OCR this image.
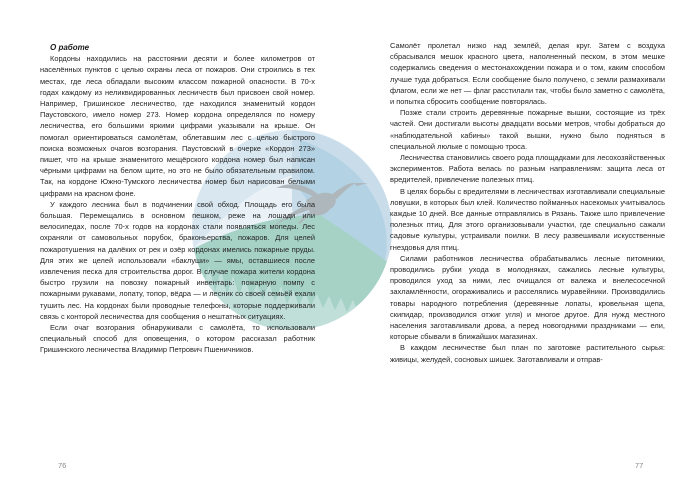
О работе

Кордоны находились на расстоянии десяти и более километров от населённых пунктов с целью охраны леса от пожаров. Они строились в тех местах, где леса обладали высоким классом пожарной опасности. В 70-х годах каждому из неликвидированных лесничеств был присвоен свой номер. Например, Гришинское лесничество, где находился знаменитый кордон Паустовского, имело номер 273. Номер кордона определялся по номеру лесничества, его большими яркими цифрами указывали на крыше. Он помогал ориентироваться самолётам, облетавшим лес с целью быстрого поиска возможных очагов возгорания. Паустовский в очерке «Кордон 273» пишет, что на крыше знаменитого мещёрского кордона номер был написан чёрными цифрами на белом щите, но это не было обязательным правилом. Так, на кордоне Южно-Тумского лесничества номер был нарисован белыми цифрами на красном фоне.

У каждого лесника был в подчинении свой обход. Площадь его была большая. Перемещались в основном пешком, реже на лошади или велосипедах, после 70-х годов на кордонах стали появляться мопеды. Лес охраняли от самовольных порубок, браконьерства, пожаров. Для целей пожаротушения на далёких от рек и озёр кордонах имелись пожарные пруды. Для этих же целей использовали «баклуши» — ямы, оставшиеся после извлечения песка для строительства дорог. В случае пожара жители кордона быстро грузили на повозку пожарный инвентарь: пожарную помпу с пожарными рукавами, лопату, топор, вёдра — и лесник со своей семьёй ехали тушить лес. На кордонах были проводные телефоны, которые поддерживали связь с конторой лесничества для сообщения о нештатных ситуациях.

Если очаг возгорания обнаруживали с самолёта, то использовали специальный способ для оповещения, о котором рассказал работник Гришинского лесничества Владимир Петрович Пшеничников.

Самолёт пролетал низко над землёй, делая круг. Затем с воздуха сбрасывался мешок красного цвета, наполненный песком, в этом мешке содержались сведения о местонахождении пожара и о том, каким способом лучше туда добраться. Если сообщение было получено, с земли размахивали флагом, если же нет — флаг расстилали так, чтобы было заметно с самолёта, и попытка сбросить сообщение повторялась.

Позже стали строить деревянные пожарные вышки, состоящие из трёх частей. Они достигали высоты двадцати восьми метров, чтобы добраться до «наблюдательной кабины» такой вышки, нужно было подняться в специальной люльке с помощью троса.

Лесничества становились своего рода площадками для лесохозяйственных экспериментов. Работа велась по разным направлениям: защита леса от вредителей, привлечение полезных птиц.

В целях борьбы с вредителями в лесничествах изготавливали специальные ловушки, в которых был клей. Количество пойманных насекомых учитывалось каждые 10 дней. Все данные отправлялись в Рязань. Также шло привлечение полезных птиц. Для этого организовывали участки, где специально сажали садовые культуры, устраивали поилки. В лесу развешивали искусственные гнездовья для птиц.

Силами работников лесничества обрабатывались лесные питомники, проводились рубки ухода в молодняках, сажались лесные культуры, проводился уход за ними, лес очищался от валежа и внелесосечной захламлённости, огораживались и расселялись муравейники. Производились товары народного потребления (деревянные лопаты, кровельная щепа, скипидар, производился отжиг угля) и многое другое. Для нужд местного населения заготавливали дрова, а перед новогодними праздниками — ели, которые сбывали в ближайших магазинах.

В каждом лесничестве был план по заготовке растительного сырья: живицы, желудей, сосновых шишек. Заготавливали и отправ-

76	77
